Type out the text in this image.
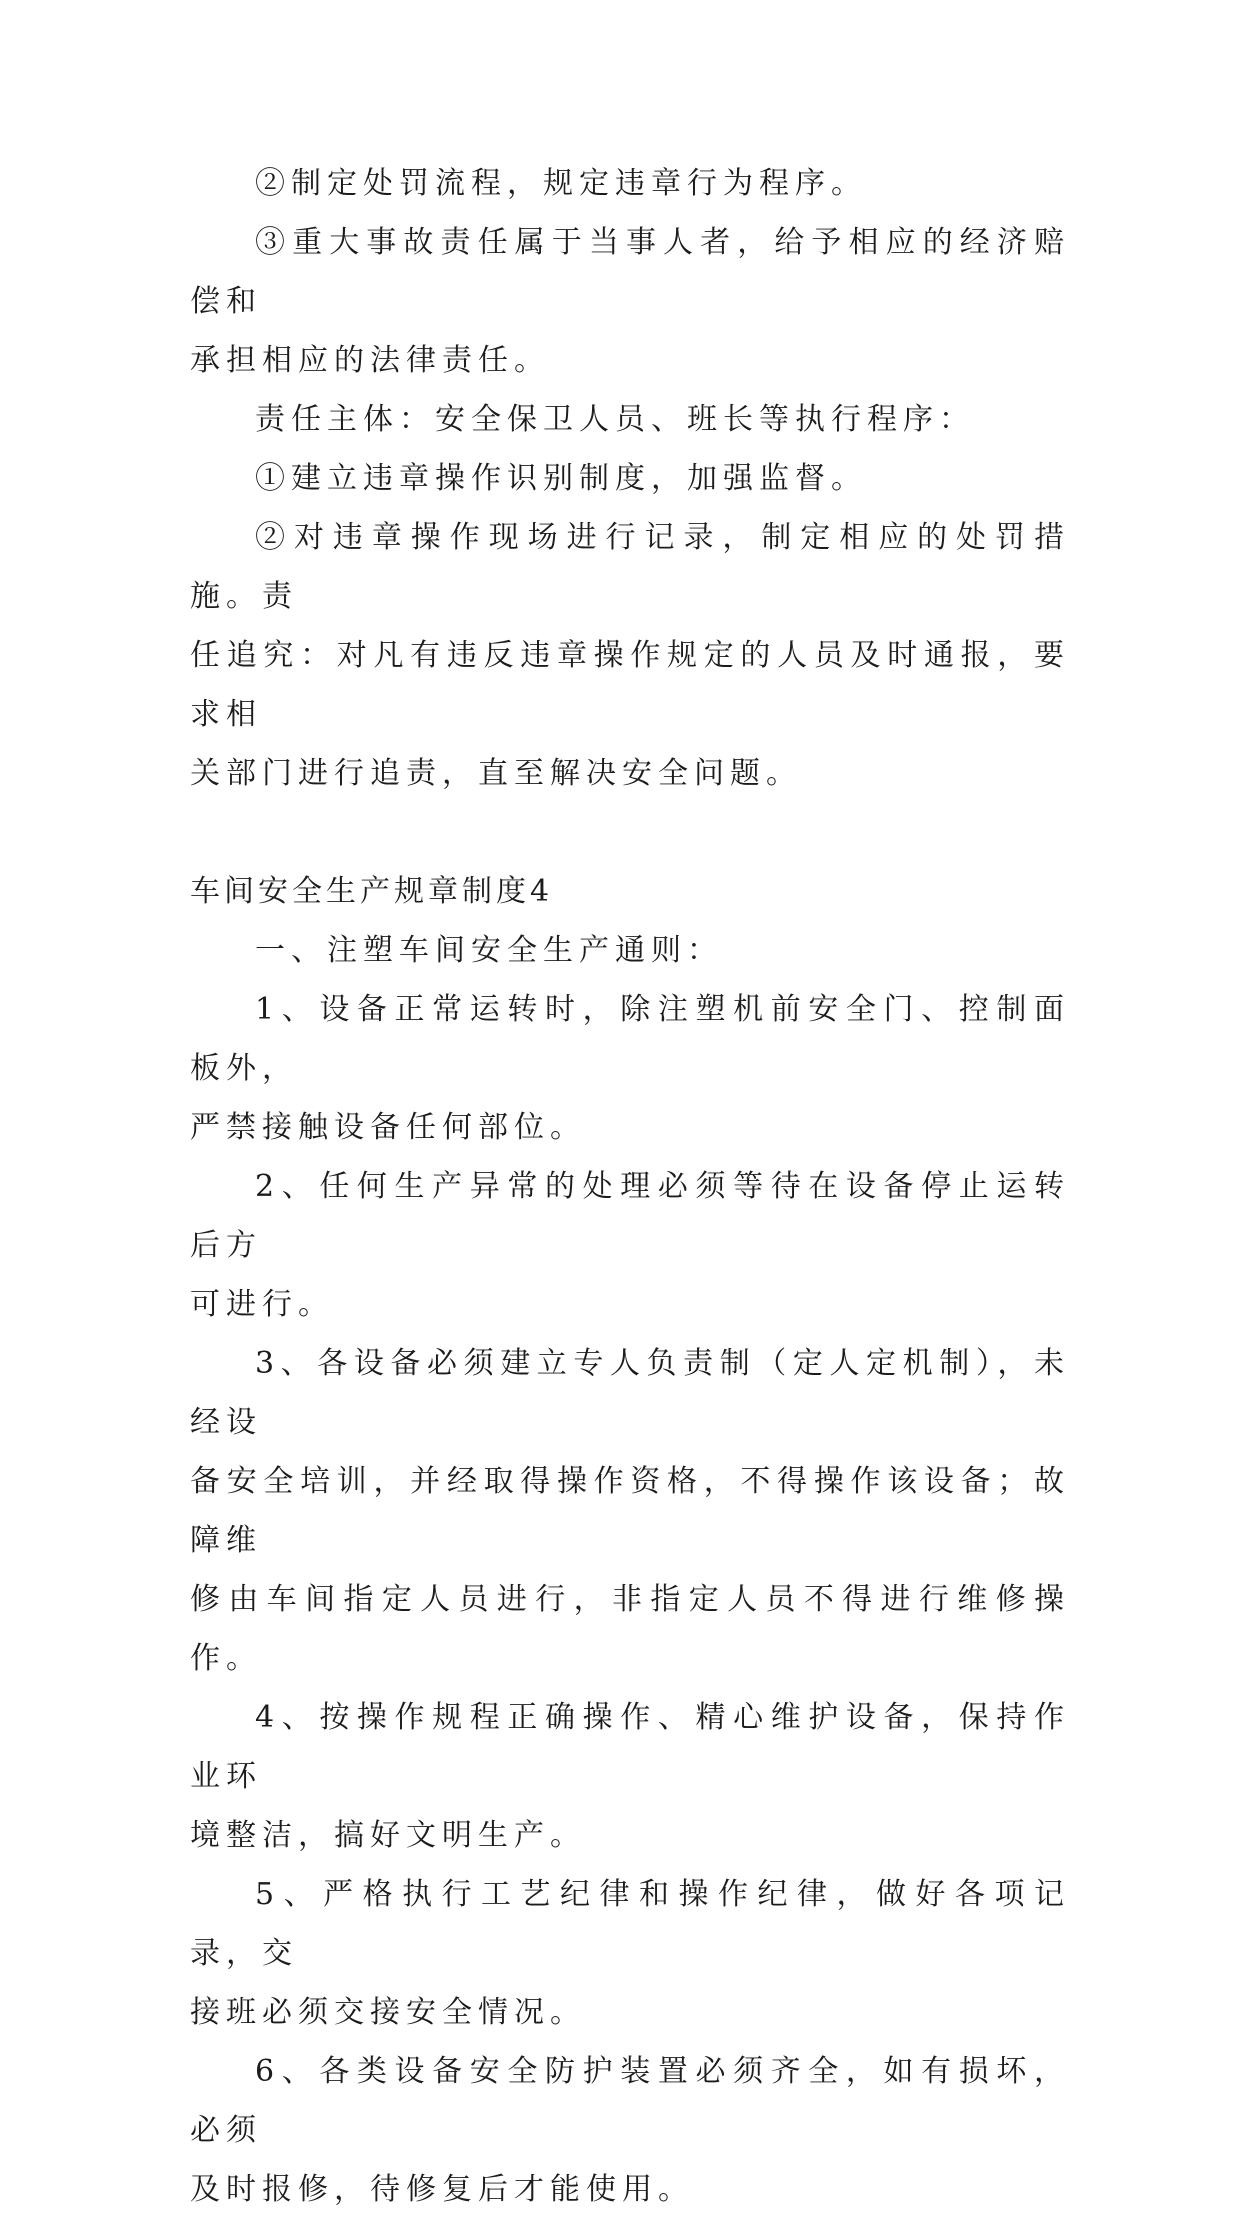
②制定处罚流程，规定违章行为程序。

③重大事故责任属于当事人者，给予相应的经济赔偿和
承担相应的法律责任。

责任主体：安全保卫人员、班长等执行程序：

①建立违章操作识别制度，加强监督。

②对违章操作现场进行记录，制定相应的处罚措施。责
任追究：对凡有违反违章操作规定的人员及时通报，要求相
关部门进行追责，直至解决安全问题。

车间安全生产规章制度4

一、注塑车间安全生产通则：

1、设备正常运转时，除注塑机前安全门、控制面板外，
严禁接触设备任何部位。

2、任何生产异常的处理必须等待在设备停止运转后方
可进行。

3、各设备必须建立专人负责制（定人定机制），未经设
备安全培训，并经取得操作资格，不得操作该设备；故障维
修由车间指定人员进行，非指定人员不得进行维修操作。

4、按操作规程正确操作、精心维护设备，保持作业环
境整洁，搞好文明生产。

5、严格执行工艺纪律和操作纪律，做好各项记录，交
接班必须交接安全情况。

6、各类设备安全防护装置必须齐全，如有损坏，必须
及时报修，待修复后才能使用。
